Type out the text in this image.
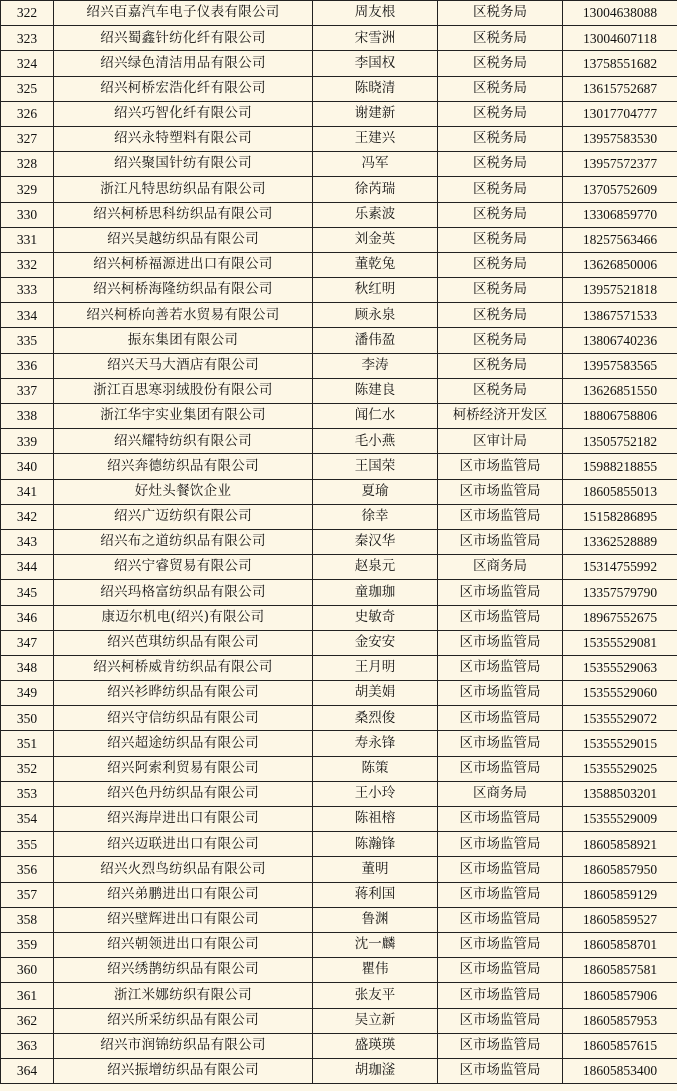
322	绍兴百嘉汽车电子仪表有限公司	周友根	区税务局	13004638088
323	绍兴蜀鑫针纺化纤有限公司	宋雪洲	区税务局	13004607118
324	绍兴绿色清洁用品有限公司	李国权	区税务局	13758551682
325	绍兴柯桥宏浩化纤有限公司	陈晓清	区税务局	13615752687
326	绍兴巧智化纤有限公司	谢建新	区税务局	13017704777
327	绍兴永特塑料有限公司	王建兴	区税务局	13957583530
328	绍兴聚国针纺有限公司	冯军	区税务局	13957572377
329	浙江凡特思纺织品有限公司	徐芮瑞	区税务局	13705752609
330	绍兴柯桥思科纺织品有限公司	乐素波	区税务局	13306859770
331	绍兴昊越纺织品有限公司	刘金英	区税务局	18257563466
332	绍兴柯桥福源进出口有限公司	董乾兔	区税务局	13626850006
333	绍兴柯桥海隆纺织品有限公司	秋红明	区税务局	13957521818
334	绍兴柯桥向善若水贸易有限公司	顾永泉	区税务局	13867571533
335	振东集团有限公司	潘伟盈	区税务局	13806740236
336	绍兴天马大酒店有限公司	李涛	区税务局	13957583565
337	浙江百思寒羽绒股份有限公司	陈建良	区税务局	13626851550
338	浙江华宇实业集团有限公司	闻仁水	柯桥经济开发区	18806758806
339	绍兴耀特纺织有限公司	毛小燕	区审计局	13505752182
340	绍兴奔德纺织品有限公司	王国荣	区市场监管局	15988218855
341	好灶头餐饮企业	夏瑜	区市场监管局	18605855013
342	绍兴广迈纺织有限公司	徐幸	区市场监管局	15158286895
343	绍兴布之道纺织品有限公司	秦汉华	区市场监管局	13362528889
344	绍兴宁睿贸易有限公司	赵泉元	区商务局	15314755992
345	绍兴玛格富纺织品有限公司	童珈珈	区市场监管局	13357579790
346	康迈尔机电(绍兴)有限公司	史敏奇	区市场监管局	18967552675
347	绍兴芭琪纺织品有限公司	金安安	区市场监管局	15355529081
348	绍兴柯桥威肯纺织品有限公司	王月明	区市场监管局	15355529063
349	绍兴衫晔纺织品有限公司	胡美娟	区市场监管局	15355529060
350	绍兴守信纺织品有限公司	桑烈俊	区市场监管局	15355529072
351	绍兴超途纺织品有限公司	寿永锋	区市场监管局	15355529015
352	绍兴阿索利贸易有限公司	陈策	区市场监管局	15355529025
353	绍兴色丹纺织品有限公司	王小玲	区商务局	13588503201
354	绍兴海岸进出口有限公司	陈祖榕	区市场监管局	15355529009
355	绍兴迈联进出口有限公司	陈瀚锋	区市场监管局	18605858921
356	绍兴火烈鸟纺织品有限公司	董明	区市场监管局	18605857950
357	绍兴弟鹏进出口有限公司	蒋利国	区市场监管局	18605859129
358	绍兴壁辉进出口有限公司	鲁渊	区市场监管局	18605859527
359	绍兴朝领进出口有限公司	沈一麟	区市场监管局	18605858701
360	绍兴绣鹊纺织品有限公司	瞿伟	区市场监管局	18605857581
361	浙江米娜纺织有限公司	张友平	区市场监管局	18605857906
362	绍兴所采纺织品有限公司	吴立新	区市场监管局	18605857953
363	绍兴市润锦纺织品有限公司	盛瑛瑛	区市场监管局	18605857615
364	绍兴振增纺织品有限公司	胡珈滏	区市场监管局	18605853400
